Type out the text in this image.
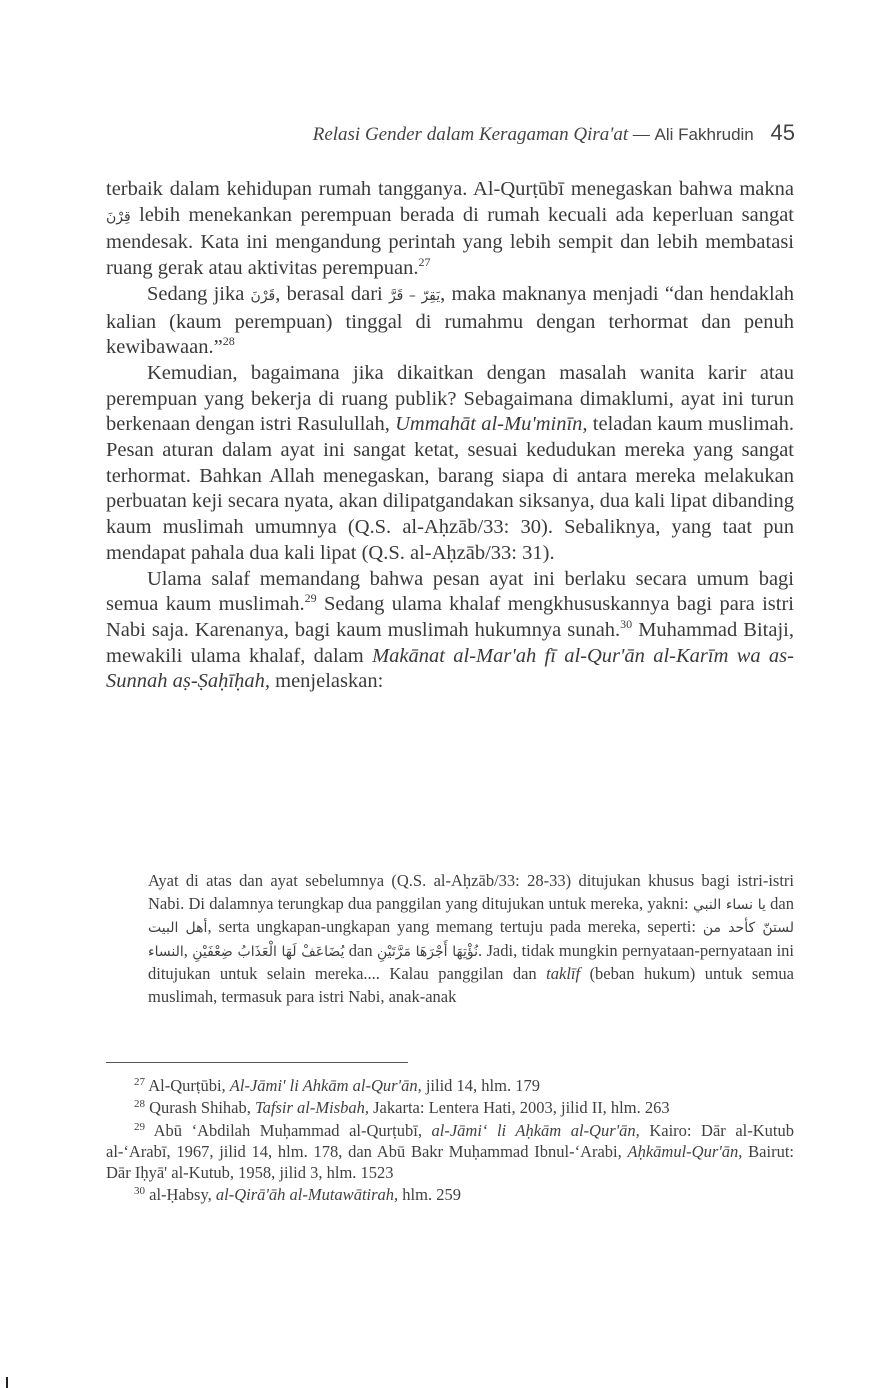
Relasi Gender dalam Keragaman Qira'at — Ali Fakhrudin 45

terbaik dalam kehidupan rumah tangganya. Al-Qurṭūbī menegaskan bahwa makna قِرْنَ lebih menekankan perempuan berada di rumah kecuali ada keperluan sangat mendesak. Kata ini mengandung perintah yang lebih sempit dan lebih membatasi ruang gerak atau aktivitas perempuan.$^{27}$

Sedang jika قَرْنَ, berasal dari يَقِرّ – قَرَّ, maka maknanya menjadi “dan hendaklah kalian (kaum perempuan) tinggal di rumahmu dengan terhormat dan penuh kewibawaan.”$^{28}$

Kemudian, bagaimana jika dikaitkan dengan masalah wanita karir atau perempuan yang bekerja di ruang publik? Sebagaimana dimaklumi, ayat ini turun berkenaan dengan istri Rasulullah, Ummahāt al-Mu'minīn, teladan kaum muslimah. Pesan aturan dalam ayat ini sangat ketat, sesuai kedudukan mereka yang sangat terhormat. Bahkan Allah menegaskan, barang siapa di antara mereka melakukan perbuatan keji secara nyata, akan dilipatgandakan siksanya, dua kali lipat dibanding kaum muslimah umumnya (Q.S. al-Aḥzāb/33: 30). Sebaliknya, yang taat pun mendapat pahala dua kali lipat (Q.S. al-Aḥzāb/33: 31).

Ulama salaf memandang bahwa pesan ayat ini berlaku secara umum bagi semua kaum muslimah.$^{29}$ Sedang ulama khalaf mengkhususkannya bagi para istri Nabi saja. Karenanya, bagi kaum muslimah hukumnya sunah.$^{30}$ Muhammad Bitaji, mewakili ulama khalaf, dalam Makānat al-Mar'ah fī al-Qur'ān al-Karīm wa as-Sunnah aṣ-Ṣaḥīḥah, menjelaskan:

Ayat di atas dan ayat sebelumnya (Q.S. al-Aḥzāb/33: 28-33) ditujukan khusus bagi istri-istri Nabi. Di dalamnya terungkap dua panggilan yang ditujukan untuk mereka, yakni: يا نساء النبي dan أهل البيت, serta ungkapan-ungkapan yang memang tertuju pada mereka, seperti: لستنّ كأحد من النساء, يُضَاعَفْ لَهَا الْعَذَابُ ضِعْفَيْنِ dan نُؤْتِهَا أَجْرَهَا مَرَّتَيْنِ. Jadi, tidak mungkin pernyataan-pernyataan ini ditujukan untuk selain mereka.... Kalau panggilan dan taklīf (beban hukum) untuk semua muslimah, termasuk para istri Nabi, anak-anak

$^{27}$ Al-Qurṭūbi, Al-Jāmi' li Ahkām al-Qur'ān, jilid 14, hlm. 179

$^{28}$ Qurash Shihab, Tafsir al-Misbah, Jakarta: Lentera Hati, 2003, jilid II, hlm. 263

$^{29}$ Abū ‘Abdilah Muḥammad al-Qurṭubī, al-Jāmi‘ li Aḥkām al-Qur'ān, Kairo: Dār al-Kutub al-‘Arabī, 1967, jilid 14, hlm. 178, dan Abū Bakr Muḥammad Ibnul-‘Arabi, Aḥkāmul-Qur'ān, Bairut: Dār Iḥyā' al-Kutub, 1958, jilid 3, hlm. 1523

$^{30}$ al-Ḥabsy, al-Qirā'āh al-Mutawātirah, hlm. 259
